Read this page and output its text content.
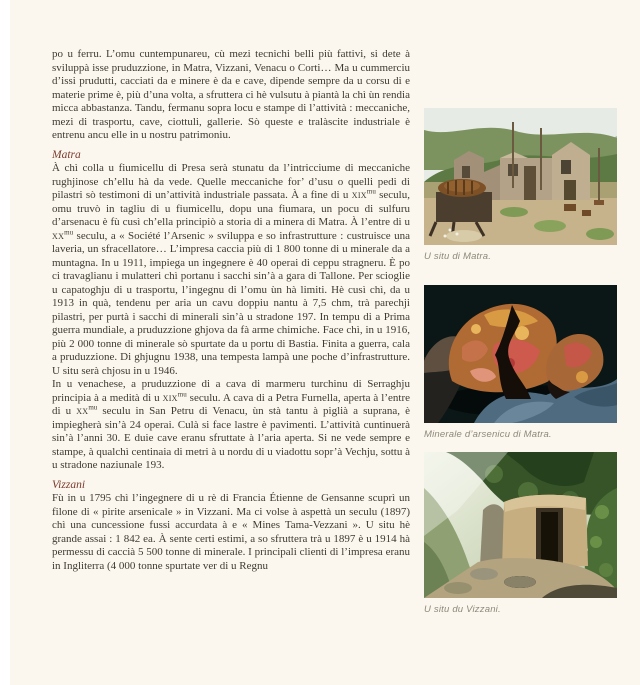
po u ferru. L’omu cuntempunareu, cù mezi tecnichi belli più fattivi, si dete à sviluppà isse pruduzzione, in Matra, Vizzani, Venacu o Corti… Ma u cummerciu d’issi prudutti, cacciati da e minere è da e cave, dipende sempre da u corsu di e materie prime è, più d’una volta, a sfruttera ci hè vulsutu à piantà la chì ùn rendia micca abbastanza. Tandu, fermanu sopra locu e stampe di l’attività : meccaniche, mezi di trasportu, cave, ciottuli, gallerie. Sò queste e tralàscite industriale è entrenu ancu elle in u nostru patrimoniu.

Matra

À chì colla u fiumicellu di Presa serà stunatu da l’intricciume di meccaniche rughjinose ch’ellu hà da vede. Quelle meccaniche for’ d’usu o quelli pedi di pilastri sò testimoni di un’attività industriale passata. À a fine di u xix$^{mu}$ seculu, omu truvò in tagliu di u fiumicellu, dopu una fiumara, un pocu di sulfuru d’arsenacu è fù cusì ch’ella principiò a storia di a minera di Matra. À l’entre di u $xx^{mu}$ seculu, a « Société l’Arsenic » sviluppa e so infrastrutture : custruisce una laveria, un sfracellatore… L’impresa caccia più di 1 800 tonne di u minerale da a muntagna. In u 1911, impiega un ingegnere è 40 operai di ceppu stragneru. È po ci travaglianu i mulatteri chì portanu i sacchi sin’à a gara di Tallone. Per scioglie u capatoghju di u trasportu, l’ingegnu di l’omu ùn hà limiti. Hè cusì chì, da u 1913 in quà, tendenu per aria un cavu doppiu nantu à 7,5 chm, trà parechji pilastri, per purtà i sacchi di minerali sin’à u stradone 197. In tempu di a Prima guerra mundiale, a pruduzzione ghjova da fà arme chimiche. Face chì, in u 1916, più 2 000 tonne di minerale sò spurtate da u portu di Bastia. Finita a guerra, cala a pruduzzione. Di ghjugnu 1938, una tempesta lampà une poche d’infrastrutture. U situ serà chjosu in u 1946.

In u venachese, a pruduzzione di a cava di marmeru turchinu di Serraghju principia à a medità di u xix$^{mu}$ seculu. A cava di a Petra Furnella, aperta à l’entre di u $xx^{mu}$ seculu in San Petru di Venacu, ùn stà tantu à piglià a suprana, è impiegherà sin’à 24 operai. Culà si face lastre è pavimenti. L’attività cuntinuerà sin’à l’anni 30. E duie cave eranu sfruttate à l’aria aperta. Si ne vede sempre e stampe, à qualchì centinaia di metri à u nordu di u viadottu sopr’à Vechju, sottu à u stradone naziunale 193.

Vizzani

Fù in u 1795 chì l’ingegnere di u rè di Francia Étienne de Gensanne scuprì un filone di « pirite arsenicale » in Vizzani. Ma ci volse à aspettà un seculu (1897) chì una cuncessione fussi accurdata à e « Mines Tama-Vezzani ». U situ hè grande assai : 1 842 ea. À sente certi estimi, a so sfruttera trà u 1897 è u 1914 hà permessu di caccià 5 500 tonne di minerale. I principali clienti di l’impresa eranu in Ingliterra (4 000 tonne spurtate ver di u Regnu

U situ di Matra.
Minerale d’arsenicu di Matra.
U situ du Vizzani.
